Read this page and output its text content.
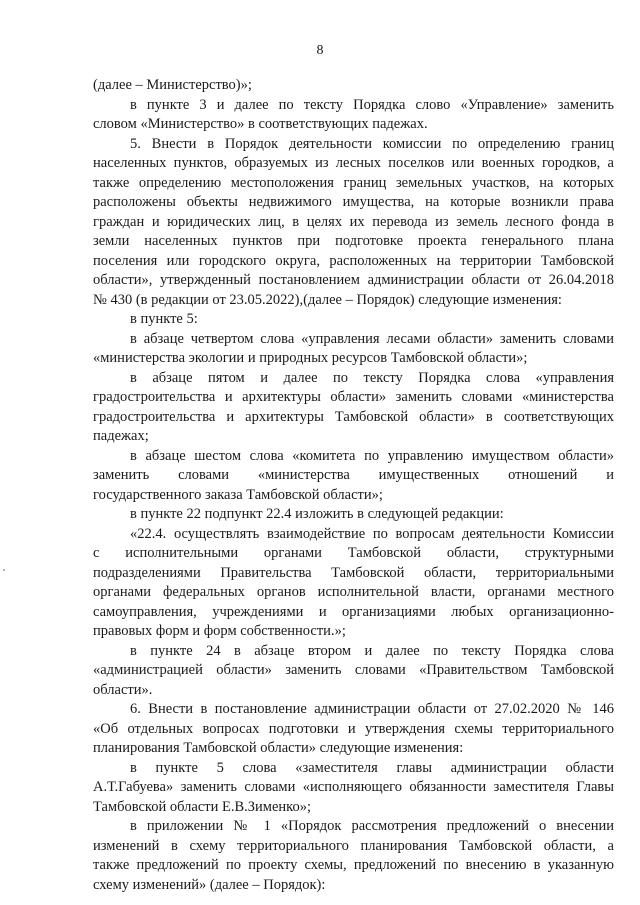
8
(далее – Министерство)»;
в пункте 3 и далее по тексту Порядка слово «Управление» заменить
словом «Министерство» в соответствующих падежах.
5. Внести в Порядок деятельности комиссии по определению границ
населенных пунктов, образуемых из лесных поселков или военных городков, а
также определению местоположения границ земельных участков, на которых
расположены объекты недвижимого имущества, на которые возникли права
граждан и юридических лиц, в целях их перевода из земель лесного фонда в
земли населенных пунктов при подготовке проекта генерального плана
поселения или городского округа, расположенных на территории Тамбовской
области», утвержденный постановлением администрации области от 26.04.2018
№ 430 (в редакции от 23.05.2022),(далее – Порядок) следующие изменения:
в пункте 5:
в абзаце четвертом слова «управления лесами области» заменить словами
«министерства экологии и природных ресурсов Тамбовской области»;
в абзаце пятом и далее по тексту Порядка слова «управления
градостроительства и архитектуры области» заменить словами «министерства
градостроительства и архитектуры Тамбовской области» в соответствующих
падежах;
в абзаце шестом слова «комитета по управлению имуществом области»
заменить словами «министерства имущественных отношений и
государственного заказа Тамбовской области»;
в пункте 22 подпункт 22.4 изложить в следующей редакции:
«22.4. осуществлять взаимодействие по вопросам деятельности Комиссии
с исполнительными органами Тамбовской области, структурными
подразделениями Правительства Тамбовской области, территориальными
органами федеральных органов исполнительной власти, органами местного
самоуправления, учреждениями и организациями любых организационно-
правовых форм и форм собственности.»;
в пункте 24 в абзаце втором и далее по тексту Порядка слова
«администрацией области» заменить словами «Правительством Тамбовской
области».
6. Внести в постановление администрации области от 27.02.2020 № 146
«Об отдельных вопросах подготовки и утверждения схемы территориального
планирования Тамбовской области» следующие изменения:
в пункте 5 слова «заместителя главы администрации области
А.Т.Габуева» заменить словами «исполняющего обязанности заместителя Главы
Тамбовской области Е.В.Зименко»;
в приложении № 1 «Порядок рассмотрения предложений о внесении
изменений в схему территориального планирования Тамбовской области, а
также предложений по проекту схемы, предложений по внесению в указанную
схему изменений» (далее – Порядок):
